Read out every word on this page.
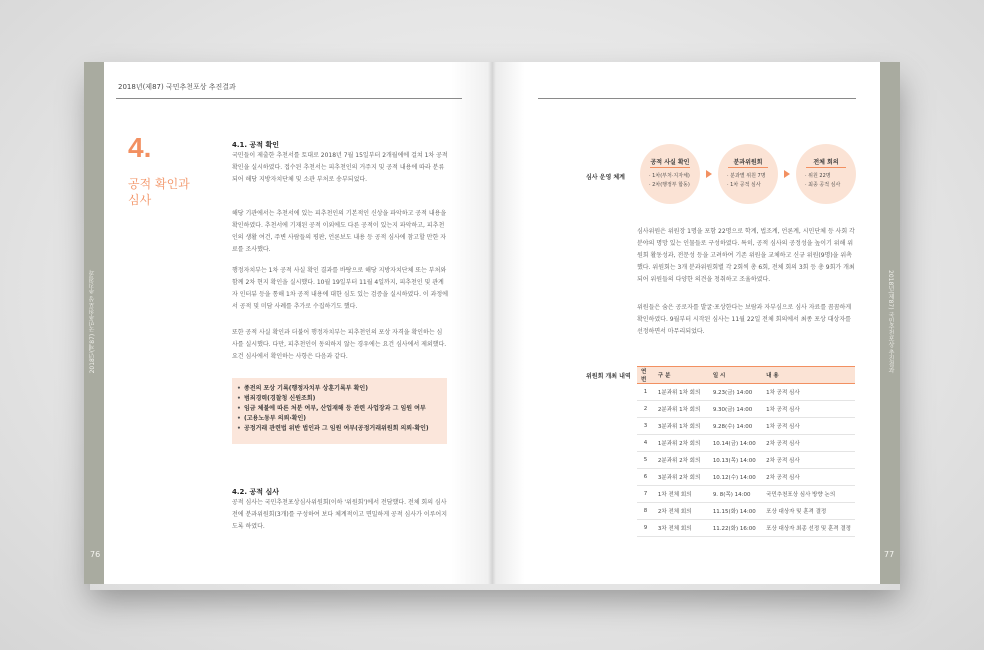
2018년(제87) 국민추천포상 추진결과
76
2018년(제87) 국민추천포상 추진결과
4.
공적 확인과
심사
4.1. 공적 확인

국민들이 제출한 추천서를 토대로 2018년 7월 15일부터 2개월에에 걸쳐 1차 공적 확인을 실시하였다. 접수된 추천서는 피추천인의 거주지 및 공적 내용에 따라 분류되어 해당 지방자치단체 및 소관 부처로 송부되었다.

해당 기관에서는 추천서에 있는 피추천인의 기본적인 신상을 파악하고 공적 내용을 확인하였다. 추천서에 기재된 공적 이외에도 다른 공적이 있는지 파악하고, 피추천인의 생활 여건, 주변 사람들의 평판, 언론보도 내용 등 공적 심사에 참고할 만한 자료를 조사했다.

행정자치부는 1차 공적 사실 확인 결과를 바탕으로 해당 지방자치단체 또는 부처와 함께 2차 현지 확인을 실시했다. 10월 19일부터 11월 4일까지, 피추천인 및 관계자 인터뷰 등을 통해 1차 공적 내용에 대한 심도 있는 검증을 실시하였다. 이 과정에서 공적 및 미담 사례를 추가로 수집하기도 했다.

또한 공적 사실 확인과 더불어 행정자치부는 피추천인의 포상 자격을 확인하는 심사를 실시했다. 다만, 피추천인이 동의하지 않는 경우에는 요건 심사에서 제외했다. 요건 심사에서 확인하는 사항은 다음과 같다.

• 종전의 포상 기록(행정자치부 상훈기록부 확인)
• 범죄경력(경찰청 신원조회)
• 임금 체불에 따른 처분 여부, 산업재해 등 관련 사업장과 그 임원 여부
• (고용노동부 의뢰·확인)
• 공정거래 관련법 위반 법인과 그 임원 여부(공정거래위원회 의뢰·확인)
4.2. 공적 심사

공적 심사는 국민추천포상심사위원회(이하 '위원회')에서 전담했다. 전체 회의 심사 전에 분과위원회(3개)를 구성하여 보다 체계적이고 면밀하게 공적 심사가 이루어지도록 하였다.

2018년(제87) 국민추천포상 추진결과
77
심사 운영 체계
공적 사실 확인
· 1차(부처·지자체)
· 2차(행정부 합동)
분과위원회
· 분과별 위원 7명
· 1차 공적 심사
전체 회의
· 위원 22명
· 최종 공적 심사

심사위원은 위원장 1명을 포함 22명으로 학계, 법조계, 언론계, 시민단체 등 사회 각 분야의 명망 있는 인물들로 구성하였다. 특히, 공적 심사의 공정성을 높이기 위해 위원회 활동성과, 전문성 등을 고려하여 기존 위원을 교체하고 신규 위원(9명)을 위촉했다. 위원회는 3개 분과위원회별 각 2회씩 총 6회, 전체 회의 3회 등 총 9회가 개최되어 위원들의 다양한 의견을 청취하고 조율하였다.

위원들은 숨은 공로자를 발굴·포상한다는 보람과 자부심으로 심사 자료를 꼼꼼하게 확인하였다. 9월부터 시작된 심사는 11월 22일 전체 회의에서 최종 포상 대상자를 선정하면서 마무리되었다.

위원회 개최 내역
연번	구 분	일 시	내 용
1	1분과위 1차 회의	9.23(금) 14:00	1차 공적 심사
2	2분과위 1차 회의	9.30(금) 14:00	1차 공적 심사
3	3분과위 1차 회의	9.28(수) 14:00	1차 공적 심사
4	1분과위 2차 회의	10.14(금) 14:00	2차 공적 심사
5	2분과위 2차 회의	10.13(목) 14:00	2차 공적 심사
6	3분과위 2차 회의	10.12(수) 14:00	2차 공적 심사
7	1차 전체 회의	9. 8(목) 14:00	국민추천포상 심사 방향 논의
8	2차 전체 회의	11.15(화) 14:00	포상 대상자 및 훈격 결정
9	3차 전체 회의	11.22(화) 16:00	포상 대상자 최종 선정 및 훈격 결정
